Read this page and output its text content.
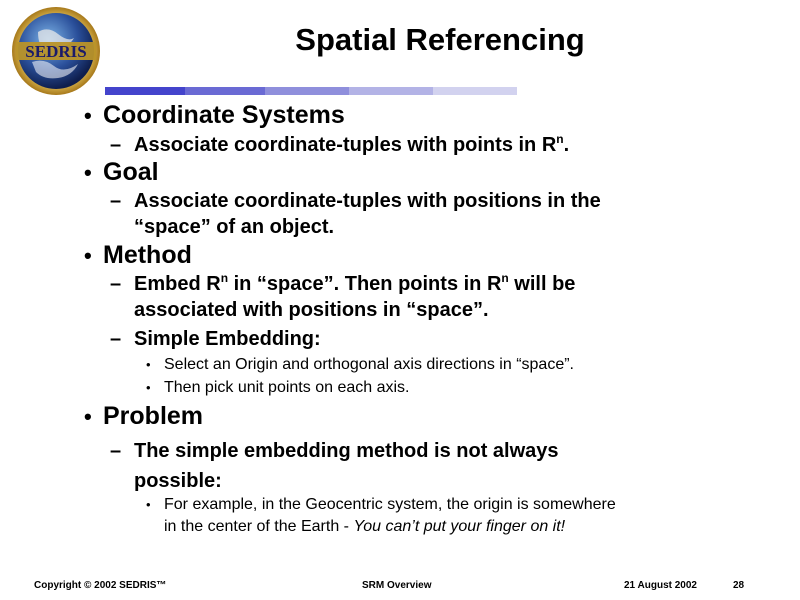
SEDRIS	Spatial Referencing
• Coordinate Systems
– Associate coordinate-tuples with points in $R^n$.
• Goal
– Associate coordinate-tuples with positions in the
“space” of an object.
• Method
– Embed $R^n$ in “space”. Then points in $R^n$ will be
associated with positions in “space”.
– Simple Embedding:
• Select an Origin and orthogonal axis directions in “space”.
• Then pick unit points on each axis.
• Problem
– The simple embedding method is not always
possible:
• For example, in the Geocentric system, the origin is somewhere
in the center of the Earth - You can’t put your finger on it!
Copyright © 2002 SEDRIS™	SRM Overview	21 August 2002	28
